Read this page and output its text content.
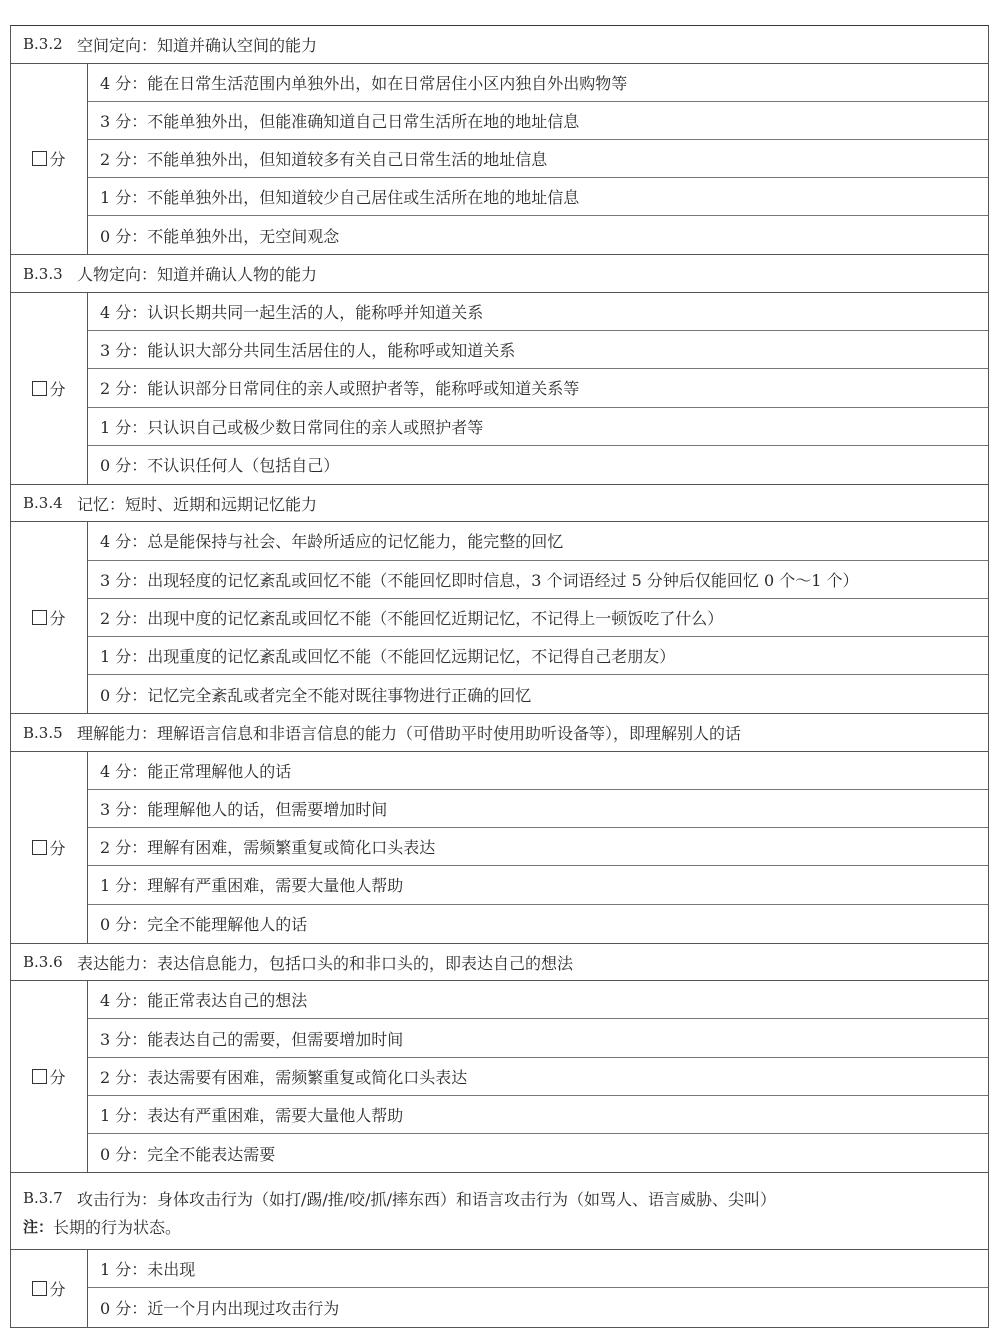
B.3.2 空间定向：知道并确认空间的能力
分
4 分：能在日常生活范围内单独外出，如在日常居住小区内独自外出购物等
3 分：不能单独外出，但能准确知道自己日常生活所在地的地址信息
2 分：不能单独外出，但知道较多有关自己日常生活的地址信息
1 分：不能单独外出，但知道较少自己居住或生活所在地的地址信息
0 分：不能单独外出，无空间观念
B.3.3 人物定向：知道并确认人物的能力
分
4 分：认识长期共同一起生活的人，能称呼并知道关系
3 分：能认识大部分共同生活居住的人，能称呼或知道关系
2 分：能认识部分日常同住的亲人或照护者等，能称呼或知道关系等
1 分：只认识自己或极少数日常同住的亲人或照护者等
0 分：不认识任何人（包括自己）
B.3.4 记忆：短时、近期和远期记忆能力
分
4 分：总是能保持与社会、年龄所适应的记忆能力，能完整的回忆
3 分：出现轻度的记忆紊乱或回忆不能（不能回忆即时信息，3 个词语经过 5 分钟后仅能回忆 0 个～1 个）
2 分：出现中度的记忆紊乱或回忆不能（不能回忆近期记忆，不记得上一顿饭吃了什么）
1 分：出现重度的记忆紊乱或回忆不能（不能回忆远期记忆，不记得自己老朋友）
0 分：记忆完全紊乱或者完全不能对既往事物进行正确的回忆
B.3.5 理解能力：理解语言信息和非语言信息的能力（可借助平时使用助听设备等），即理解别人的话
分
4 分：能正常理解他人的话
3 分：能理解他人的话，但需要增加时间
2 分：理解有困难，需频繁重复或简化口头表达
1 分：理解有严重困难，需要大量他人帮助
0 分：完全不能理解他人的话
B.3.6 表达能力：表达信息能力，包括口头的和非口头的，即表达自己的想法
分
4 分：能正常表达自己的想法
3 分：能表达自己的需要，但需要增加时间
2 分：表达需要有困难，需频繁重复或简化口头表达
1 分：表达有严重困难，需要大量他人帮助
0 分：完全不能表达需要
B.3.7 攻击行为：身体攻击行为（如打/踢/推/咬/抓/摔东西）和语言攻击行为（如骂人、语言威胁、尖叫）
注： 长期的行为状态。
分
1 分：未出现
0 分：近一个月内出现过攻击行为
